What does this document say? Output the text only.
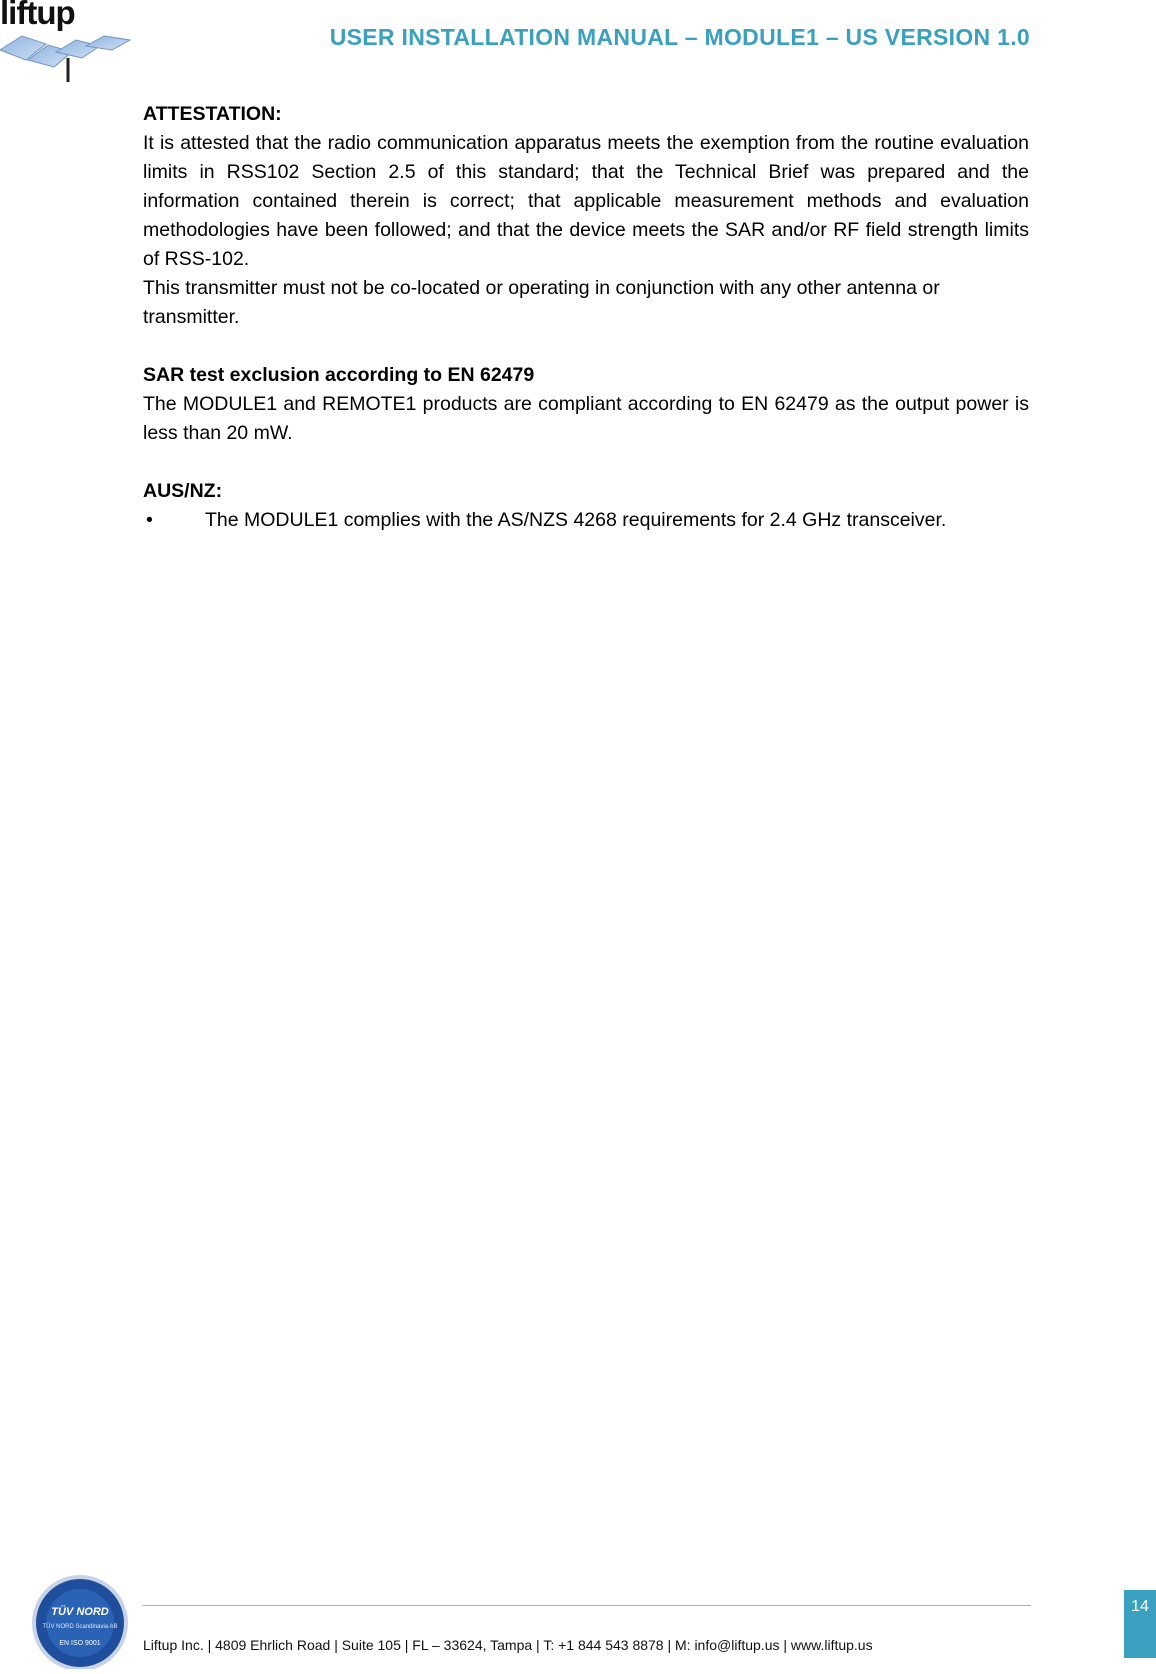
liftup
USER INSTALLATION MANUAL – MODULE1 – US VERSION 1.0
ATTESTATION:

It is attested that the radio communication apparatus meets the exemption from the routine evaluation limits in RSS102 Section 2.5 of this standard; that the Technical Brief was prepared and the information contained therein is correct; that applicable measurement methods and evaluation methodologies have been followed; and that the device meets the SAR and/or RF field strength limits of RSS-102.

This transmitter must not be co-located or operating in conjunction with any other antenna or transmitter.

SAR test exclusion according to EN 62479

The MODULE1 and REMOTE1 products are compliant according to EN 62479 as the output power is less than 20 mW.

AUS/NZ:
•	The MODULE1 complies with the AS/NZS 4268 requirements for 2.4 GHz transceiver.
TÜV NORD
TÜV NORD Scandinavia AB
EN ISO 9001	Liftup Inc. | 4809 Ehrlich Road | Suite 105 | FL – 33624, Tampa | T: +1 844 543 8878 | M: info@liftup.us | www.liftup.us
14
